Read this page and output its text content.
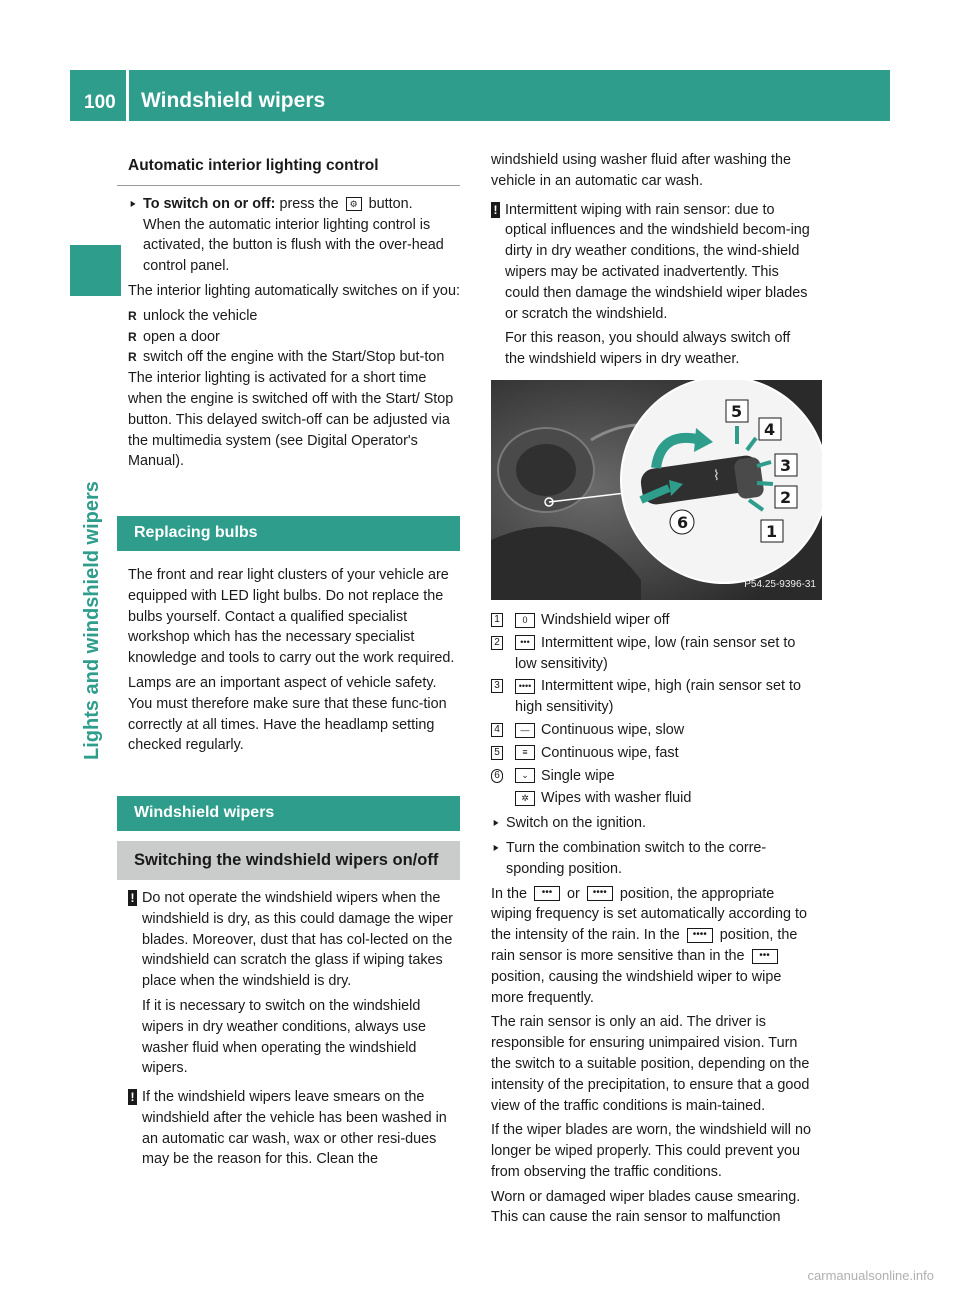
100 Windshield wipers
Lights and windshield wipers
Automatic interior lighting control

▶ To switch on or off: press the ⚙ button.
When the automatic interior lighting control is activated, the button is flush with the over-head control panel.

The interior lighting automatically switches on if you:

R unlock the vehicle
R open a door
R switch off the engine with the Start/Stop but-ton

The interior lighting is activated for a short time when the engine is switched off with the Start/ Stop button. This delayed switch-off can be adjusted via the multimedia system (see Digital Operator's Manual).

Replacing bulbs

The front and rear light clusters of your vehicle are equipped with LED light bulbs. Do not replace the bulbs yourself. Contact a qualified specialist workshop which has the necessary specialist knowledge and tools to carry out the work required.

Lamps are an important aspect of vehicle safety. You must therefore make sure that these func-tion correctly at all times. Have the headlamp setting checked regularly.

Windshield wipers
Switching the windshield wipers on/off
! Do not operate the windshield wipers when the windshield is dry, as this could damage the wiper blades. Moreover, dust that has col-lected on the windshield can scratch the glass if wiping takes place when the windshield is dry.

If it is necessary to switch on the windshield wipers in dry weather conditions, always use washer fluid when operating the windshield wipers.

! If the windshield wipers leave smears on the windshield after the vehicle has been washed in an automatic car wash, wax or other resi-dues may be the reason for this. Clean the

windshield using washer fluid after washing the vehicle in an automatic car wash.

! Intermittent wiping with rain sensor: due to optical influences and the windshield becom-ing dirty in dry weather conditions, the wind-shield wipers may be activated inadvertently. This could then damage the windshield wiper blades or scratch the windshield.

For this reason, you should always switch off the windshield wipers in dry weather.

⌇
5
4
3
2
1
6
P54.25-9396-31
1	0 Windshield wiper off
2	••• Intermittent wipe, low (rain sensor set to low sensitivity)
3	•••• Intermittent wipe, high (rain sensor set to high sensitivity)
4	— Continuous wipe, slow
5	≡ Continuous wipe, fast
6	⌄ Single wipe
✲ Wipes with washer fluid

▶ Switch on the ignition.

▶ Turn the combination switch to the corre-sponding position.

In the ••• or •••• position, the appropriate wiping frequency is set automatically according to the intensity of the rain. In the •••• position, the rain sensor is more sensitive than in the ••• position, causing the windshield wiper to wipe more frequently.

The rain sensor is only an aid. The driver is responsible for ensuring unimpaired vision. Turn the switch to a suitable position, depending on the intensity of the precipitation, to ensure that a good view of the traffic conditions is main-tained.

If the wiper blades are worn, the windshield will no longer be wiped properly. This could prevent you from observing the traffic conditions.

Worn or damaged wiper blades cause smearing. This can cause the rain sensor to malfunction

carmanualsonline.info
